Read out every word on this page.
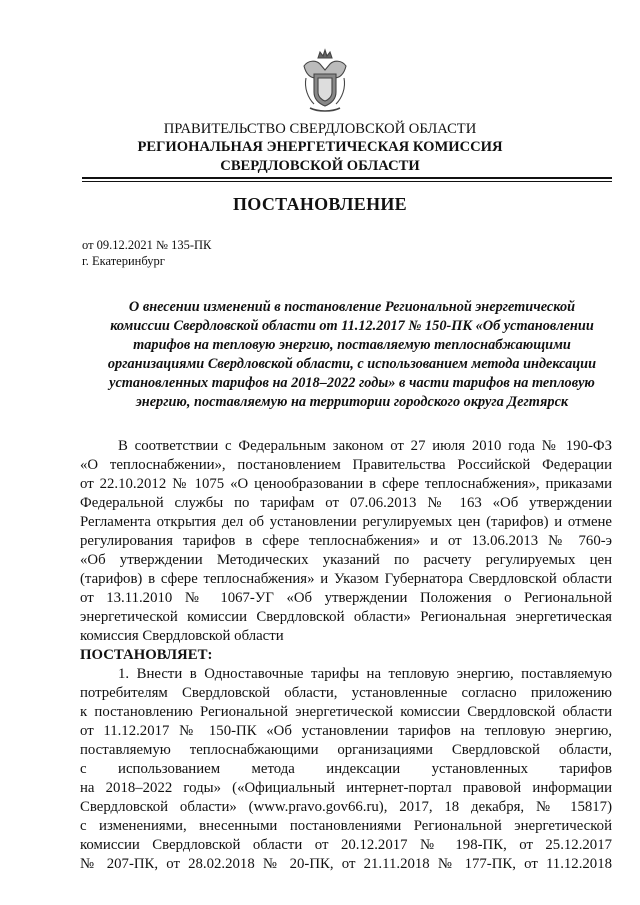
ПРАВИТЕЛЬСТВО СВЕРДЛОВСКОЙ ОБЛАСТИ
РЕГИОНАЛЬНАЯ ЭНЕРГЕТИЧЕСКАЯ КОМИССИЯ
СВЕРДЛОВСКОЙ ОБЛАСТИ
ПОСТАНОВЛЕНИЕ
от 09.12.2021 № 135-ПК
г. Екатеринбург

О внесении изменений в постановление Региональной энергетической
комиссии Свердловской области от 11.12.2017 № 150-ПК «Об установлении
тарифов на тепловую энергию, поставляемую теплоснабжающими
организациями Свердловской области, с использованием метода индексации
установленных тарифов на 2018–2022 годы» в части тарифов на тепловую
энергию, поставляемую на территории городского округа Дегтярск

В соответствии с Федеральным законом от 27 июля 2010 года № 190-ФЗ
«О теплоснабжении», постановлением Правительства Российской Федерации
от 22.10.2012 № 1075 «О ценообразовании в сфере теплоснабжения», приказами
Федеральной службы по тарифам от 07.06.2013 № 163 «Об утверждении
Регламента открытия дел об установлении регулируемых цен (тарифов) и отмене
регулирования тарифов в сфере теплоснабжения» и от 13.06.2013 № 760-э
«Об утверждении Методических указаний по расчету регулируемых цен
(тарифов) в сфере теплоснабжения» и Указом Губернатора Свердловской области
от 13.11.2010 № 1067-УГ «Об утверждении Положения о Региональной
энергетической комиссии Свердловской области» Региональная энергетическая
комиссия Свердловской области
ПОСТАНОВЛЯЕТ:
1. Внести в Одноставочные тарифы на тепловую энергию, поставляемую
потребителям Свердловской области, установленные согласно приложению
к постановлению Региональной энергетической комиссии Свердловской области
от 11.12.2017 № 150-ПК «Об установлении тарифов на тепловую энергию,
поставляемую теплоснабжающими организациями Свердловской области,
с использованием метода индексации установленных тарифов
на 2018–2022 годы» («Официальный интернет-портал правовой информации
Свердловской области» (www.pravo.gov66.ru), 2017, 18 декабря, № 15817)
с изменениями, внесенными постановлениями Региональной энергетической
комиссии Свердловской области от 20.12.2017 № 198-ПК, от 25.12.2017
№ 207-ПК, от 28.02.2018 № 20-ПК, от 21.11.2018 № 177-ПК, от 11.12.2018
